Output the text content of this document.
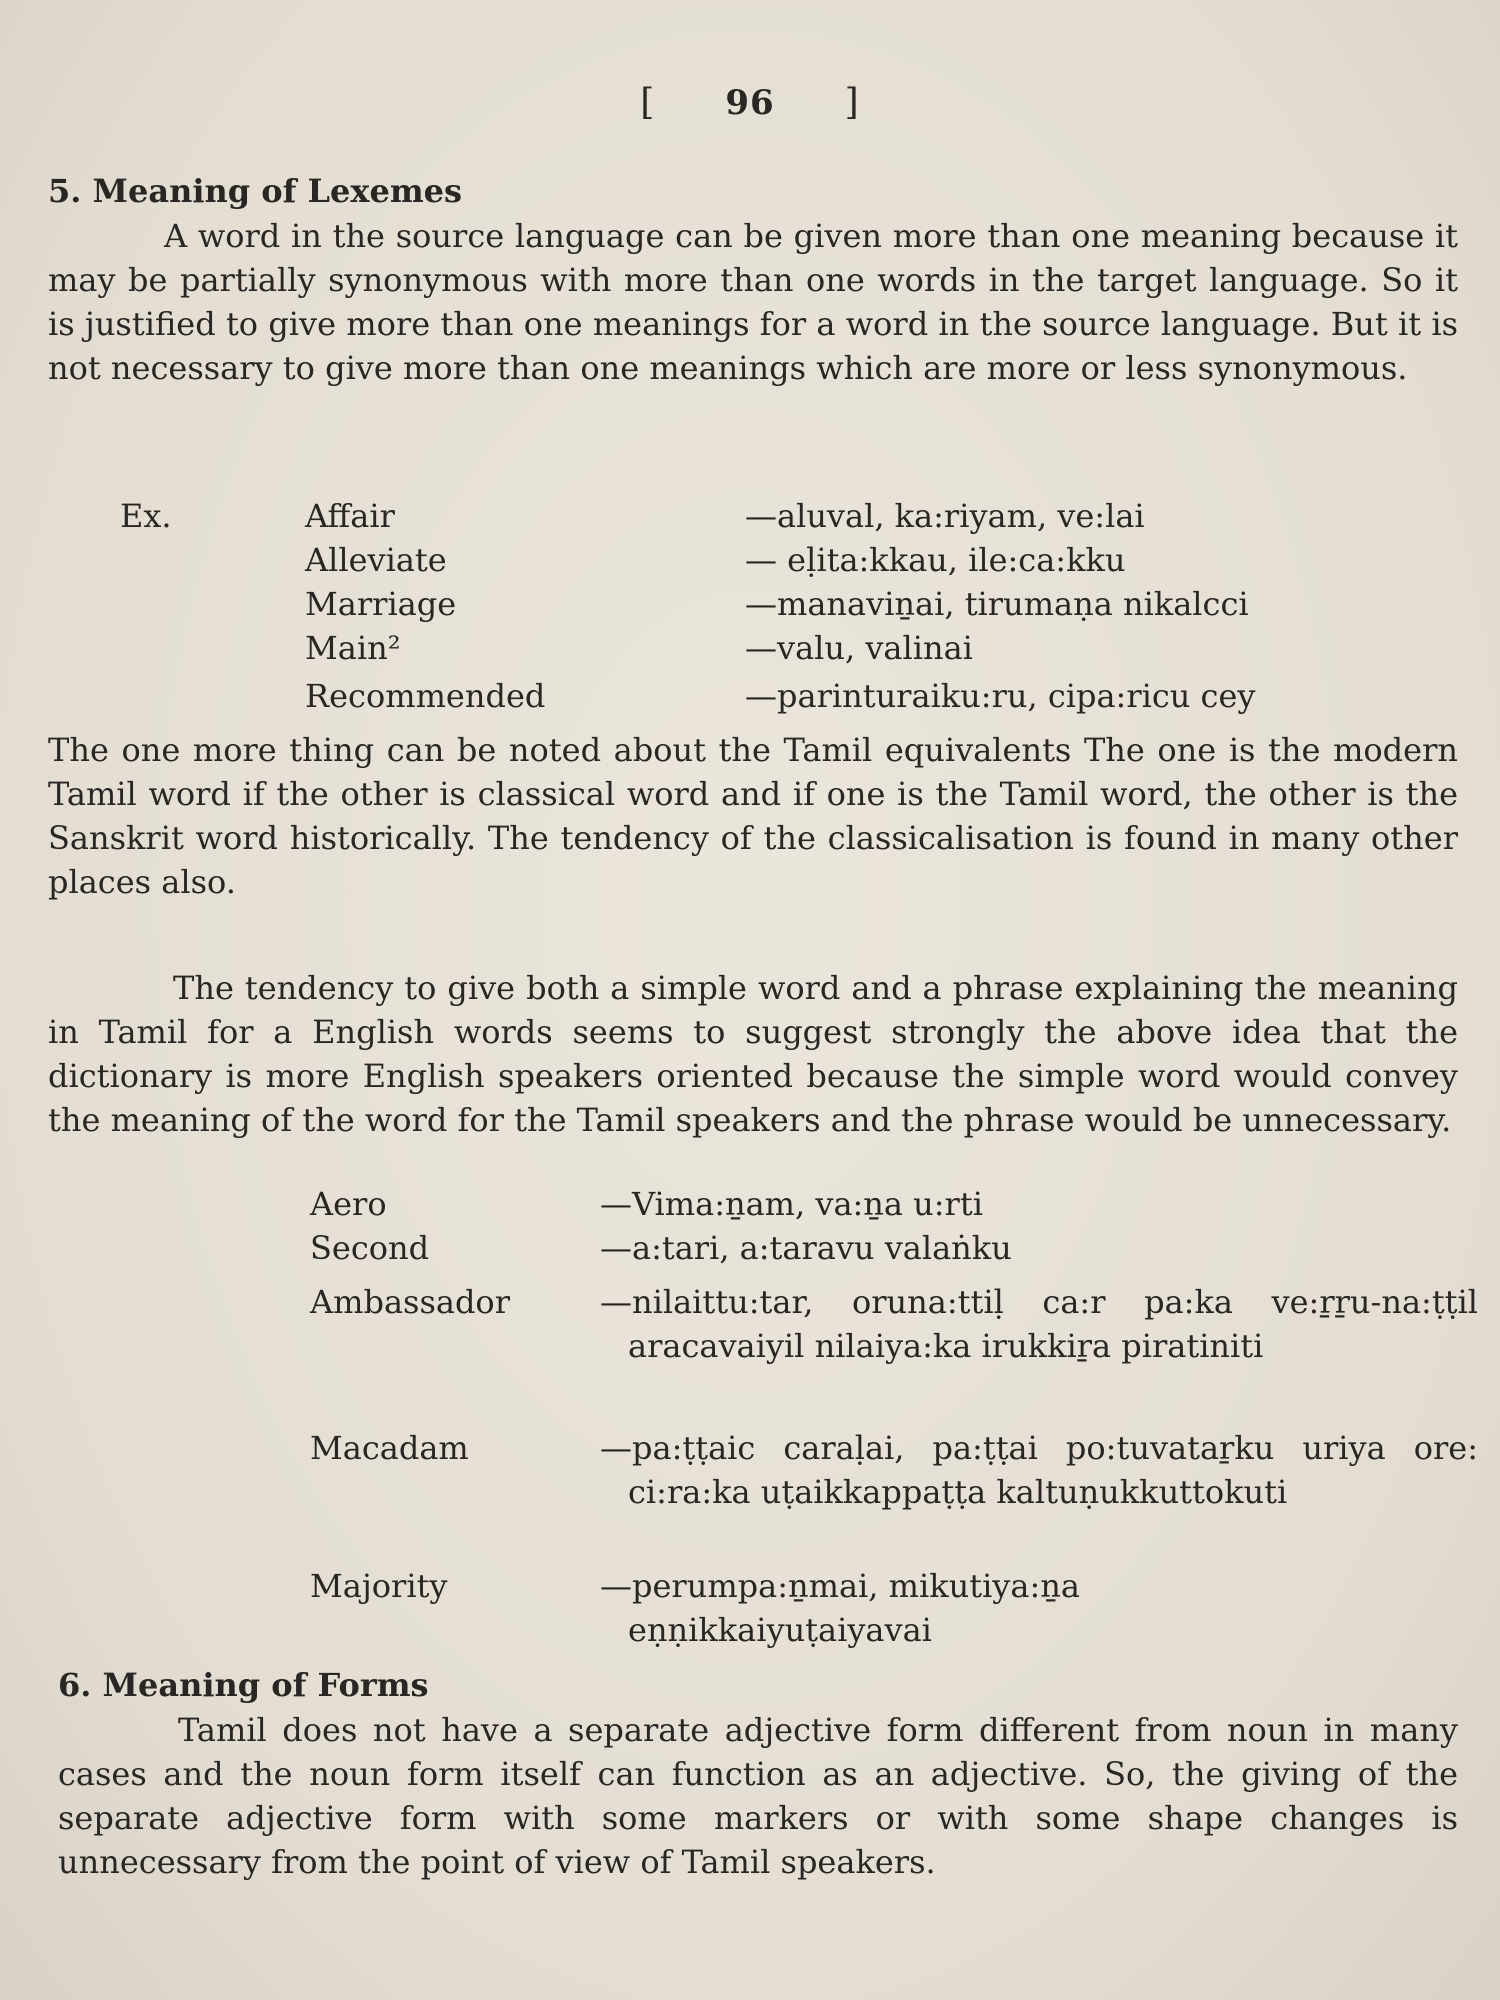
[ 96 ]
5. Meaning of Lexemes

A word in the source language can be given more than one meaning because it may be partially synonymous with more than one words in the target language. So it is justified to give more than one meanings for a word in the source language. But it is not necessary to give more than one meanings which are more or less synonymous.

Ex.	Affair	—aluval, ka:riyam, ve:lai
Alleviate	— eḷita:kkau, ile:ca:kku
Marriage	—manaviṉai, tirumaṇa nikalcci
Main²	—valu, valinai
Recommended	—parinturaiku:ru, cipa:ricu cey

The one more thing can be noted about the Tamil equivalents The one is the modern Tamil word if the other is classical word and if one is the Tamil word, the other is the Sanskrit word historically. The tendency of the classicalisation is found in many other places also.

The tendency to give both a simple word and a phrase explaining the meaning in Tamil for a English words seems to suggest strongly the above idea that the dictionary is more English speakers oriented because the simple word would convey the meaning of the word for the Tamil speakers and the phrase would be unnecessary.

Aero	—Vima:ṉam, va:ṉa u:rti
Second	—a:tari, a:taravu valaṅku
Ambassador	—nilaittu:tar, oruna:ttiḷ ca:r pa:ka ve:ṟṟu-na:ṭṭil aracavaiyil nilaiya:ka irukkiṟa piratiniti
Macadam	—pa:ṭṭaic caraḷai, pa:ṭṭai po:tuvataṟku uriya ore: ci:ra:ka uṭaikkappaṭṭa kaltuṇukkuttokuti
Majority	—perumpa:ṉmai, mikutiya:ṉa eṇṇikkaiyuṭaiyavai
6. Meaning of Forms

Tamil does not have a separate adjective form different from noun in many cases and the noun form itself can function as an adjective. So, the giving of the separate adjective form with some markers or with some shape changes is unnecessary from the point of view of Tamil speakers.
